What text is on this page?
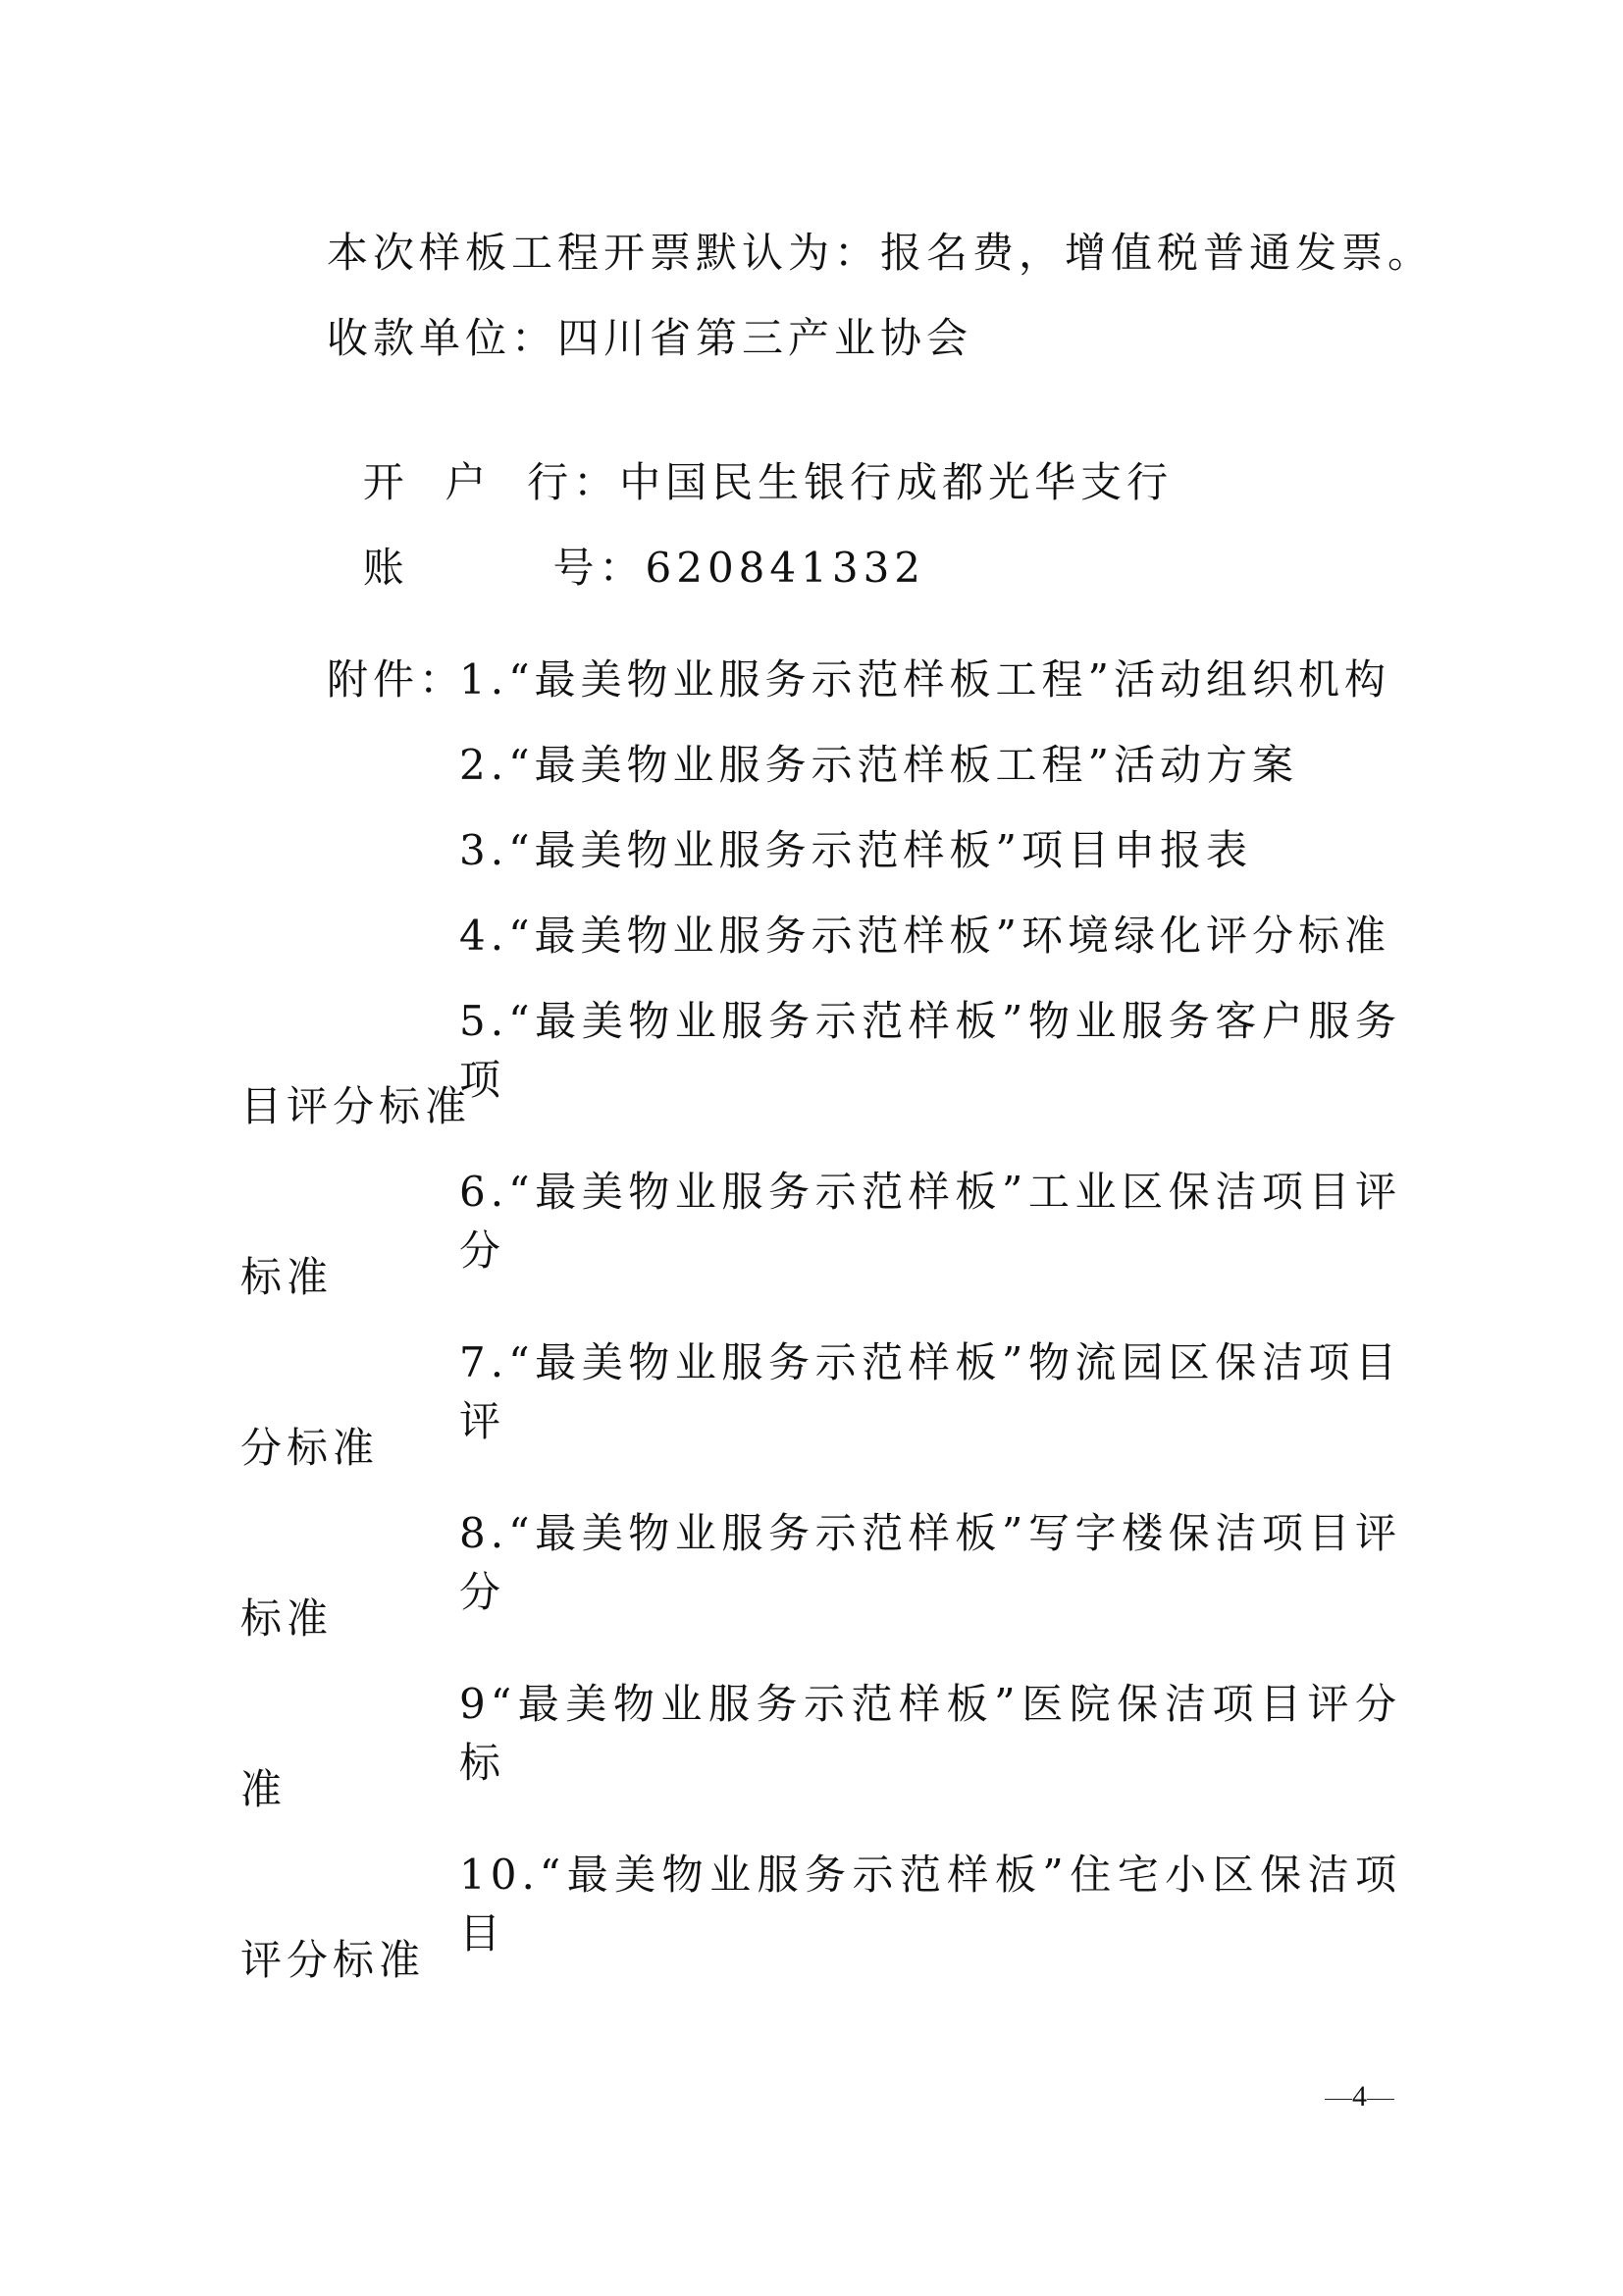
本次样板工程开票默认为：报名费，增值税普通发票。
收款单位：四川省第三产业协会

开  户  行：中国民生银行成都光华支行

账        号：620841332

附件：
1.“最美物业服务示范样板工程”活动组织机构
2.“最美物业服务示范样板工程”活动方案
3.“最美物业服务示范样板”项目申报表
4.“最美物业服务示范样板”环境绿化评分标准
5.“最美物业服务示范样板”物业服务客户服务项
目评分标准
6.“最美物业服务示范样板”工业区保洁项目评分
标准
7.“最美物业服务示范样板”物流园区保洁项目评
分标准
8.“最美物业服务示范样板”写字楼保洁项目评分
标准
9“最美物业服务示范样板”医院保洁项目评分标
准
10.“最美物业服务示范样板”住宅小区保洁项目
评分标准
4
